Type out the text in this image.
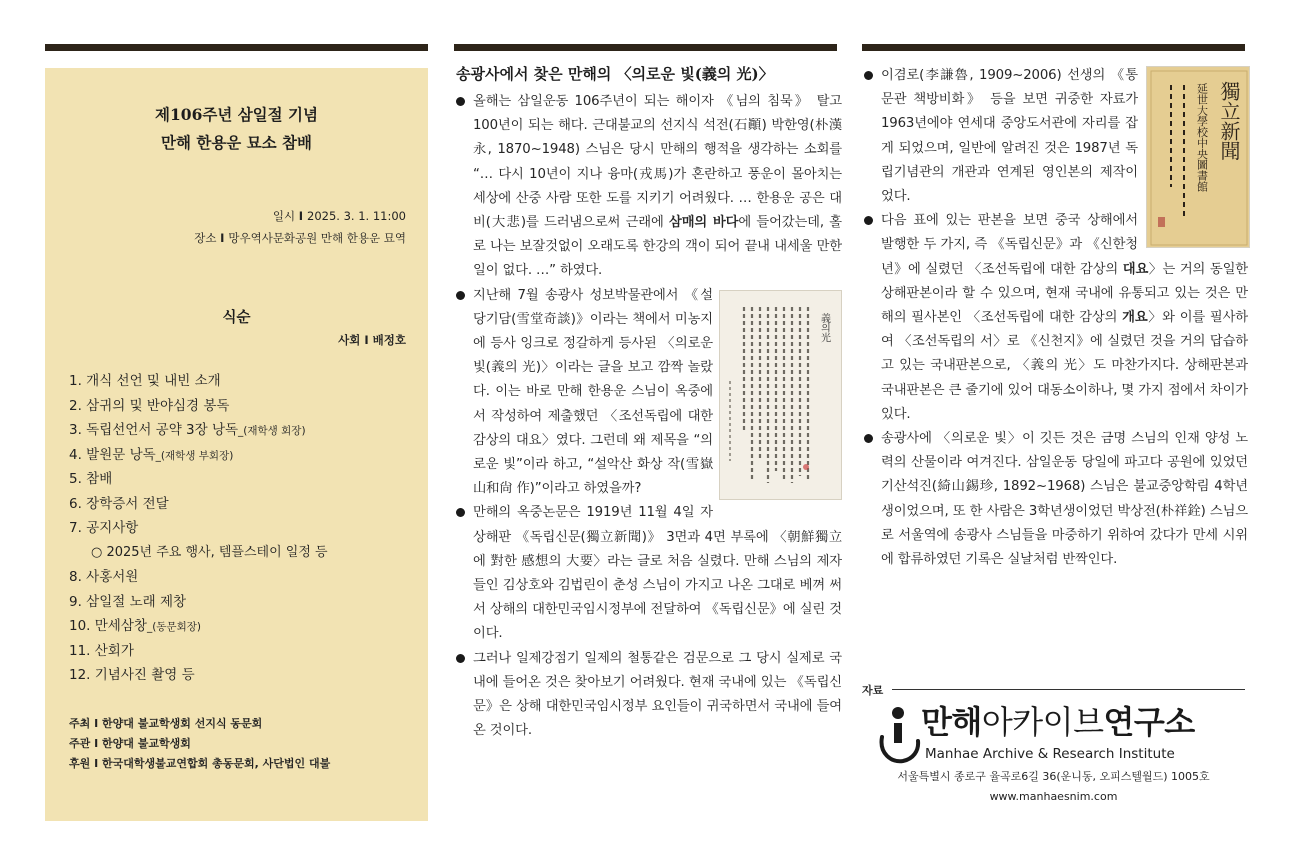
제106주년 삼일절 기념
만해 한용운 묘소 참배
일시 I 2025. 3. 1. 11:00
장소 I 망우역사문화공원 만해 한용운 묘역
식순
사회 I 배정호
1. 개식 선언 및 내빈 소개
2. 삼귀의 및 반야심경 봉독
3. 독립선언서 공약 3장 낭독_(재학생 회장)
4. 발원문 낭독_(재학생 부회장)
5. 참배
6. 장학증서 전달
7. 공지사항
○ 2025년 주요 행사, 템플스테이 일정 등
8. 사홍서원
9. 삼일절 노래 제창
10. 만세삼창_(동문회장)
11. 산회가
12. 기념사진 촬영 등
주최 I 한양대 불교학생회 선지식 동문회
주관 I 한양대 불교학생회
후원 I 한국대학생불교연합회 총동문회, 사단법인 대불
송광사에서 찾은 만해의 〈의로운 빛(義의 光)〉

올해는 삼일운동 106주년이 되는 해이자 《님의 침묵》 탈고 100년이 되는 해다. 근대불교의 선지식 석전(石顚) 박한영(朴漢永, 1870~1948) 스님은 당시 만해의 행적을 생각하는 소회를 “… 다시 10년이 지나 융마(戎馬)가 혼란하고 풍운이 몰아치는 세상에 산중 사람 또한 도를 지키기 어려웠다. … 한용운 공은 대비(大悲)를 드러냄으로써 근래에 삼매의 바다에 들어갔는데, 홀로 나는 보잘것없이 오래도록 한강의 객이 되어 끝내 내세울 만한 일이 없다. …” 하였다.

義의光

지난해 7월 송광사 성보박물관에서 《설당기담(雪堂奇談)》이라는 책에서 미농지에 등사 잉크로 정갈하게 등사된 〈의로운 빛(義의 光)〉이라는 글을 보고 깜짝 놀랐다. 이는 바로 만해 한용운 스님이 옥중에서 작성하여 제출했던 〈조선독립에 대한 감상의 대요〉였다. 그런데 왜 제목을 “의로운 빛”이라 하고, “설악산 화상 작(雪嶽山和尙 作)”이라고 하였을까?

만해의 옥중논문은 1919년 11월 4일 자 상해판 《독립신문(獨立新聞)》 3면과 4면 부록에 〈朝鮮獨立에 對한 感想의 大要〉라는 글로 처음 실렸다. 만해 스님의 제자들인 김상호와 김법린이 춘성 스님이 가지고 나온 그대로 베껴 써서 상해의 대한민국임시정부에 전달하여 《독립신문》에 실린 것이다.

그러나 일제강점기 일제의 철통같은 검문으로 그 당시 실제로 국내에 들어온 것은 찾아보기 어려웠다. 현재 국내에 있는 《독립신문》은 상해 대한민국임시정부 요인들이 귀국하면서 국내에 들여온 것이다.

獨立新聞
延世大學校中央圖書館

이겸로(李謙魯, 1909~2006) 선생의 《통문관 책방비화》 등을 보면 귀중한 자료가 1963년에야 연세대 중앙도서관에 자리를 잡게 되었으며, 일반에 알려진 것은 1987년 독립기념관의 개관과 연계된 영인본의 제작이었다.

다음 표에 있는 판본을 보면 중국 상해에서 발행한 두 가지, 즉 《독립신문》과 《신한청년》에 실렸던 〈조선독립에 대한 감상의 대요〉는 거의 동일한 상해판본이라 할 수 있으며, 현재 국내에 유통되고 있는 것은 만해의 필사본인 〈조선독립에 대한 감상의 개요〉와 이를 필사하여 〈조선독립의 서〉로 《신천지》에 실렸던 것을 거의 답습하고 있는 국내판본으로, 〈義의 光〉도 마찬가지다. 상해판본과 국내판본은 큰 줄기에 있어 대동소이하나, 몇 가지 점에서 차이가 있다.

송광사에 〈의로운 빛〉이 깃든 것은 금명 스님의 인재 양성 노력의 산물이라 여겨진다. 삼일운동 당일에 파고다 공원에 있었던 기산석진(綺山錫珍, 1892~1968) 스님은 불교중앙학림 4학년생이었으며, 또 한 사람은 3학년생이었던 박상전(朴祥銓) 스님으로 서울역에 송광사 스님들을 마중하기 위하여 갔다가 만세 시위에 합류하였던 기록은 실날처럼 반짝인다.

자료
만해아카이브연구소
Manhae Archive & Research Institute
서울특별시 종로구 율곡로6길 36(운니동, 오피스텔월드) 1005호
www.manhaesnim.com
